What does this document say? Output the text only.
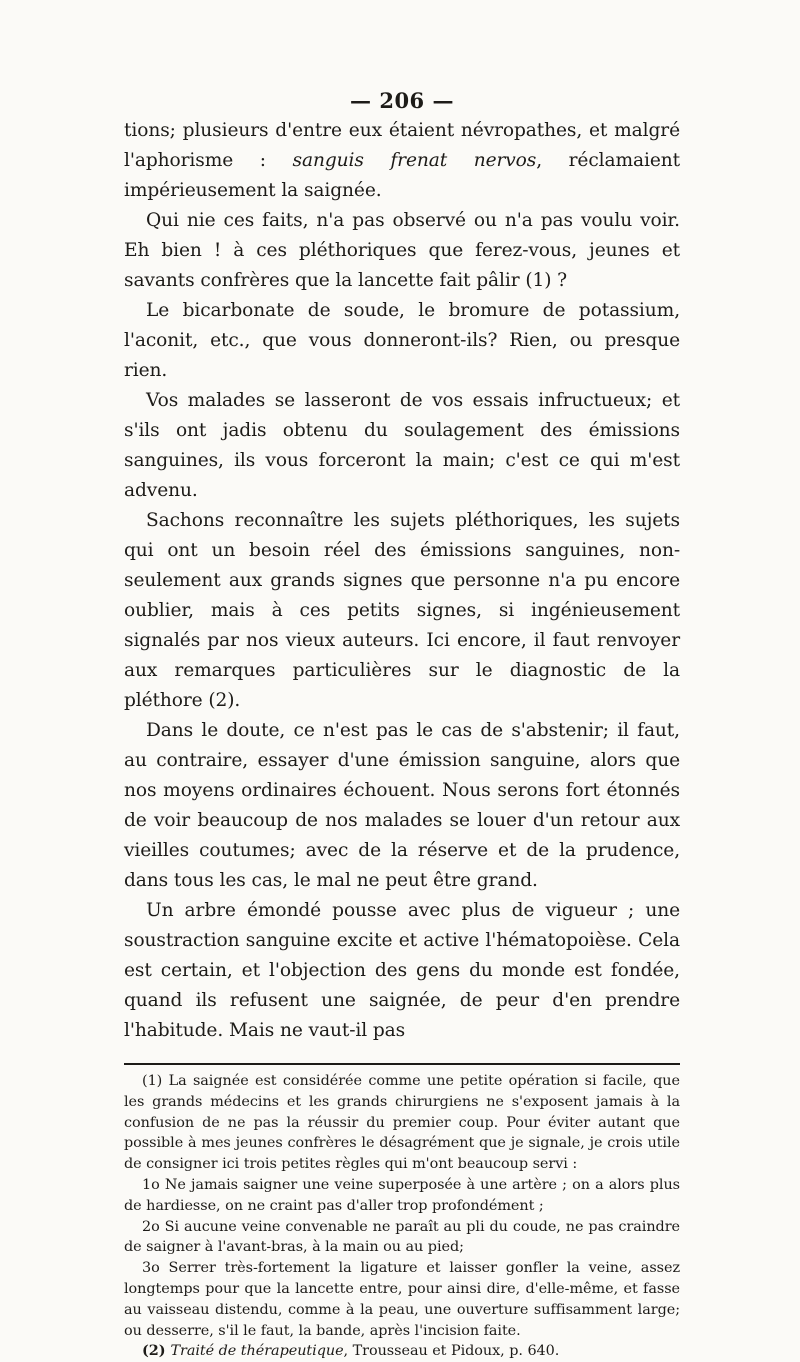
— 206 —

tions; plusieurs d'entre eux étaient névropathes, et malgré l'aphorisme : sanguis frenat nervos, réclamaient impérieusement la saignée.

Qui nie ces faits, n'a pas observé ou n'a pas voulu voir. Eh bien ! à ces pléthoriques que ferez-vous, jeunes et savants confrères que la lancette fait pâlir (1) ?

Le bicarbonate de soude, le bromure de potassium, l'aconit, etc., que vous donneront-ils? Rien, ou presque rien.

Vos malades se lasseront de vos essais infructueux; et s'ils ont jadis obtenu du soulagement des émissions sanguines, ils vous forceront la main; c'est ce qui m'est advenu.

Sachons reconnaître les sujets pléthoriques, les sujets qui ont un besoin réel des émissions sanguines, non-seulement aux grands signes que personne n'a pu encore oublier, mais à ces petits signes, si ingénieusement signalés par nos vieux auteurs. Ici encore, il faut renvoyer aux remarques particulières sur le diagnostic de la pléthore (2).

Dans le doute, ce n'est pas le cas de s'abstenir; il faut, au contraire, essayer d'une émission sanguine, alors que nos moyens ordinaires échouent. Nous serons fort étonnés de voir beaucoup de nos malades se louer d'un retour aux vieilles coutumes; avec de la réserve et de la prudence, dans tous les cas, le mal ne peut être grand.

Un arbre émondé pousse avec plus de vigueur ; une soustraction sanguine excite et active l'hématopoièse. Cela est certain, et l'objection des gens du monde est fondée, quand ils refusent une saignée, de peur d'en prendre l'habitude. Mais ne vaut-il pas

(1) La saignée est considérée comme une petite opération si facile, que les grands médecins et les grands chirurgiens ne s'exposent jamais à la confusion de ne pas la réussir du premier coup. Pour éviter autant que possible à mes jeunes confrères le désagrément que je signale, je crois utile de consigner ici trois petites règles qui m'ont beaucoup servi :

1o Ne jamais saigner une veine superposée à une artère ; on a alors plus de hardiesse, on ne craint pas d'aller trop profondément ;

2o Si aucune veine convenable ne paraît au pli du coude, ne pas craindre de saigner à l'avant-bras, à la main ou au pied;

3o Serrer très-fortement la ligature et laisser gonfler la veine, assez longtemps pour que la lancette entre, pour ainsi dire, d'elle-même, et fasse au vaisseau distendu, comme à la peau, une ouverture suffisamment large; ou desserre, s'il le faut, la bande, après l'incision faite.

(2) Traité de thérapeutique, Trousseau et Pidoux, p. 640.
